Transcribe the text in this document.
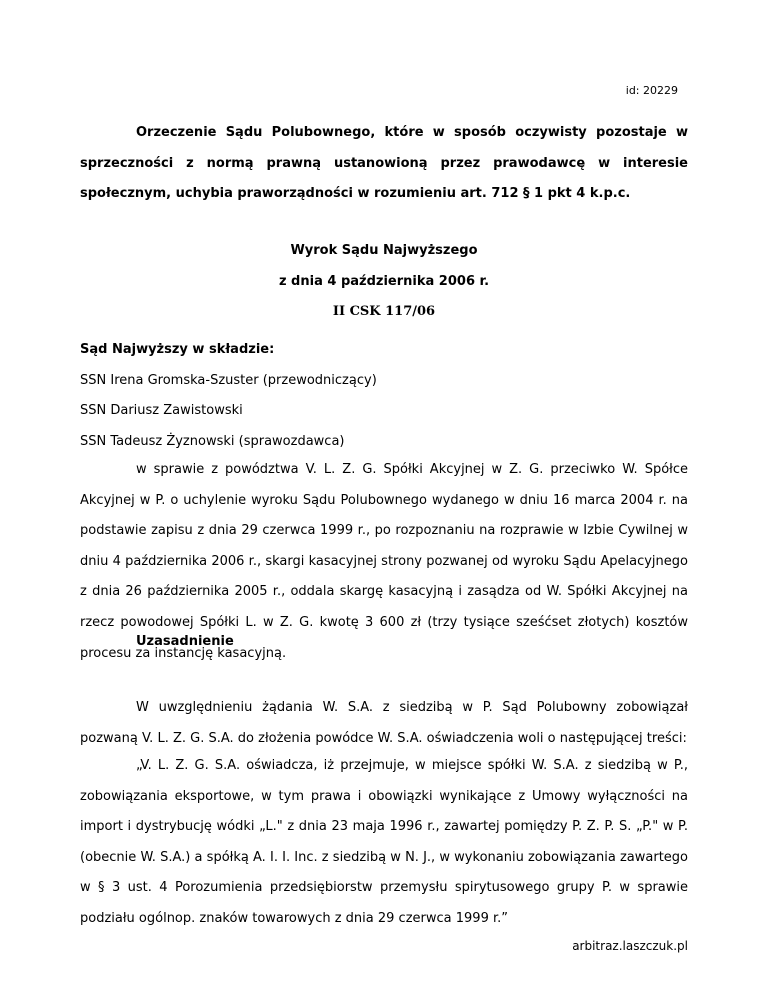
id: 20229

Orzeczenie Sądu Polubownego, które w sposób oczywisty pozostaje w sprzeczności z normą prawną ustanowioną przez prawodawcę w interesie społecznym, uchybia praworządności w rozumieniu art. 712 § 1 pkt 4 k.p.c.

Wyrok Sądu Najwyższego

z dnia 4 października 2006 r.

II CSK 117/06

Sąd Najwyższy w składzie:
SSN Irena Gromska-Szuster (przewodniczący)
SSN Dariusz Zawistowski
SSN Tadeusz Żyznowski (sprawozdawca)

w sprawie z powództwa V. L. Z. G. Spółki Akcyjnej w Z. G. przeciwko W. Spółce Akcyjnej w P. o uchylenie wyroku Sądu Polubownego wydanego w dniu 16 marca 2004 r. na podstawie zapisu z dnia 29 czerwca 1999 r., po rozpoznaniu na rozprawie w Izbie Cywilnej w dniu 4 października 2006 r., skargi kasacyjnej strony pozwanej od wyroku Sądu Apelacyjnego z dnia 26 października 2005 r., oddala skargę kasacyjną i zasądza od W. Spółki Akcyjnej na rzecz powodowej Spółki L. w Z. G. kwotę 3 600 zł (trzy tysiące sześćset złotych) kosztów procesu za instancję kasacyjną.

Uzasadnienie

W uwzględnieniu żądania W. S.A. z siedzibą w P. Sąd Polubowny zobowiązał pozwaną V. L. Z. G. S.A. do złożenia powódce W. S.A. oświadczenia woli o następującej treści:

„V. L. Z. G. S.A. oświadcza, iż przejmuje, w miejsce spółki W. S.A. z siedzibą w P., zobowiązania eksportowe, w tym prawa i obowiązki wynikające z Umowy wyłączności na import i dystrybucję wódki „L." z dnia 23 maja 1996 r., zawartej pomiędzy P. Z. P. S. „P." w P. (obecnie W. S.A.) a spółką A. I. I. Inc. z siedzibą w N. J., w wykonaniu zobowiązania zawartego w § 3 ust. 4 Porozumienia przedsiębiorstw przemysłu spirytusowego grupy P. w sprawie podziału ogólnop. znaków towarowych z dnia 29 czerwca 1999 r.”

arbitraz.laszczuk.pl
